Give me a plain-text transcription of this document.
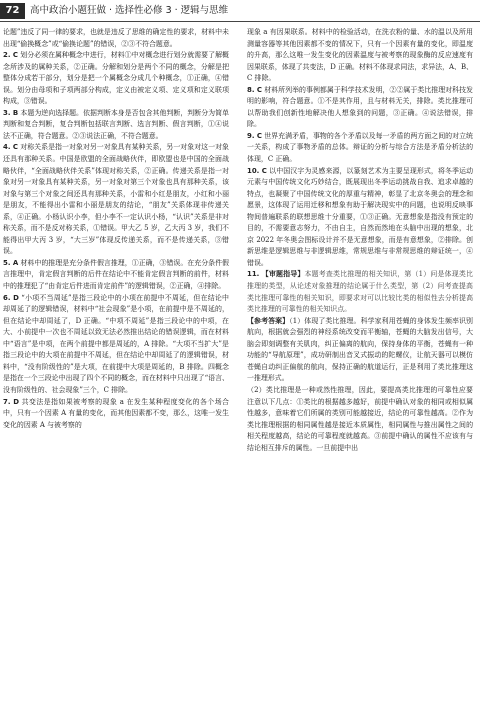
72	高中政治小题狂做 · 选择性必修 3 · 逻辑与思维

论题”违反了同一律的要求，也就是违反了思维的确定性的要求，材料中未出现“偷换概念”或“偷换论题”的错误，②③不符合题意。

2. C 划分必须在属种概念中进行，材料①中对概念进行划分就需要了解概念所涉及的属种关系，②正确。分解和划分是两个不同的概念，分解是把整体分成若干部分，划分是把一个属概念分成几个种概念，①正确，④错误。划分由母项和子项两部分构成，定义由被定义项、定义项和定义联项构成，③错误。

3. B 本题为逆向选择题。依据判断本身是否包含其他判断，判断分为简单判断和复合判断，复合判断包括联言判断、选言判断、假言判断，①④说法不正确，符合题意。②③说法正确，不符合题意。

4. C 对称关系是指一对象对另一对象具有某种关系，另一对象对这一对象还具有那种关系。中国是欧盟的全面战略伙伴，即欧盟也是中国的全面战略伙伴，“全面战略伙伴关系”体现对称关系，②正确。传递关系是指一对象对另一对象具有某种关系，另一对象对第三个对象也具有那种关系，该对象与第三个对象之间还具有那种关系，小雷和小红是朋友，小红和小丽是朋友，不能得出小雷和小丽是朋友的结论，“朋友”关系体现非传递关系，④正确。小杨认识小李，但小李不一定认识小杨，“认识”关系是非对称关系，而不是反对称关系，①错误。甲大乙 5 岁，乙大丙 3 岁，我们不能得出甲大丙 3 岁，“大三岁”体现反传递关系，而不是传递关系，③错误。

5. A 材料中的推理是充分条件假言推理，①正确，③错误。在充分条件假言推理中，肯定假言判断的后件在结论中不能肯定假言判断的前件，材料中的推理犯了“由肯定后件进而肯定前件”的逻辑错误，②正确，④排除。

6. D “小项不当周延”是指三段论中的小项在前提中不周延，但在结论中却周延了的逻辑错误，材料中“社会现象”是小项，在前提中是不周延的，但在结论中却周延了，D 正确。“中项不周延”是指三段论中的中项，在大、小前提中一次也不周延以致无法必然推出结论的错误逻辑，而在材料中“语言”是中项，在两个前提中都是周延的，A 排除。“大项不当扩大”是指三段论中的大项在前提中不周延，但在结论中却周延了的逻辑错误，材料中，“没有阶级性的”是大项，在前提中大项是周延的，B 排除。四概念是指在一个三段论中出现了四个不同的概念，而在材料中只出现了“语言、没有阶级性的、社会现象”三个，C 排除。

7. D 共变法是指如果被考察的现象 a 在发生某种程度变化的各个场合中，只有一个因素 A 有量的变化，而其他因素都不变，那么，这唯一发生变化的因素 A 与被考察的

现象 a 有因果联系。材料中的检验活动，在洗衣粉的量、水的温以及所用测量容器等其他因素都不变的情况下，只有一个因素有量的变化，即温度的升高，那么这唯一发生变化的因素温度与被考察的现象酶的反应速度有因果联系，体现了共变法，D 正确。材料不体现求同法，求异法，A、B、C 排除。

8. C 材料所列举的事例都属于科学技术发明，②②属于类比推理对科技发明的影响，符合题意。①不是其作用，且与材料无关，排除。类比推理可以帮助我们创新性地解决他人想象到的问题，③正确。④说法错误，排除。

9. C 世界充满矛盾，事物的各个矛盾以及每一矛盾的两方面之间的对立统一关系，构成了事物矛盾的总体。辩证的分析与综合方法是矛盾分析法的体现，C 正确。

10. C 以中国汉字为灵感来源，以篆刻艺术为主要呈现形式，将冬季运动元素与中国传统文化巧妙结合，既展现出冬季运动挑战自我、追求卓越的特点，也凝聚了中国传统文化的厚重与精神，彰显了北京冬奥会的理念和愿景，这体现了运用迁移和想象有助于解决现实中的问题，也说明反映事物间普遍联系的联想思维十分重要，①③正确。无意想象是指没有预定的目的，不需要意志努力，不由自主，自然而然地在头脑中出现的想象，北京 2022 年冬奥会图标设计并不是无意想象，而是有意想象，②排除。创新思维是逻辑思维与非逻辑思维，常规思维与非常规思维的辩证统一，④错误。

11. 【审题指导】本题考查类比推理的相关知识，第（1）问是体现类比推理的类型，从论述对象推理的结论属于什么类型，第（2）问考查提高类比推理可靠性的相关知识，即要求对可以比较比类的相似性去分析提高类比推理的可靠性的相关知识点。

【参考答案】（1）体现了类比推理。科学家利用苍蝇的身体发生频率识别航向，根据就会强烈的神经系统改变而平衡轴，苍蝇的大脑发出信号，大脑会即刻调整有关肌肉，纠正偏离的航向，保持身体的平衡，苍蝇有一种功能的“导航原理”，成功研制出音叉式振动的陀螺仪，让航天器可以模仿苍蝇自动纠正偏航的航向，保持正确的航道运行，正是利用了类比推理这一推理形式。

（2）类比推理是一种或然性推理，因此，要提高类比推理的可靠性应要注意以下几点：①类比的根据越多越好，前提中确认对象的相同或相似属性越多，意味着它们所属的类别可能越接近，结论的可靠性越高。②作为类比推理根据的相同属性越是接近本质属性，相同属性与推出属性之间的相关程度越高，结论的可靠程度就越高。③前提中确认的属性不应该有与结论相互排斥的属性。一旦前提中出
